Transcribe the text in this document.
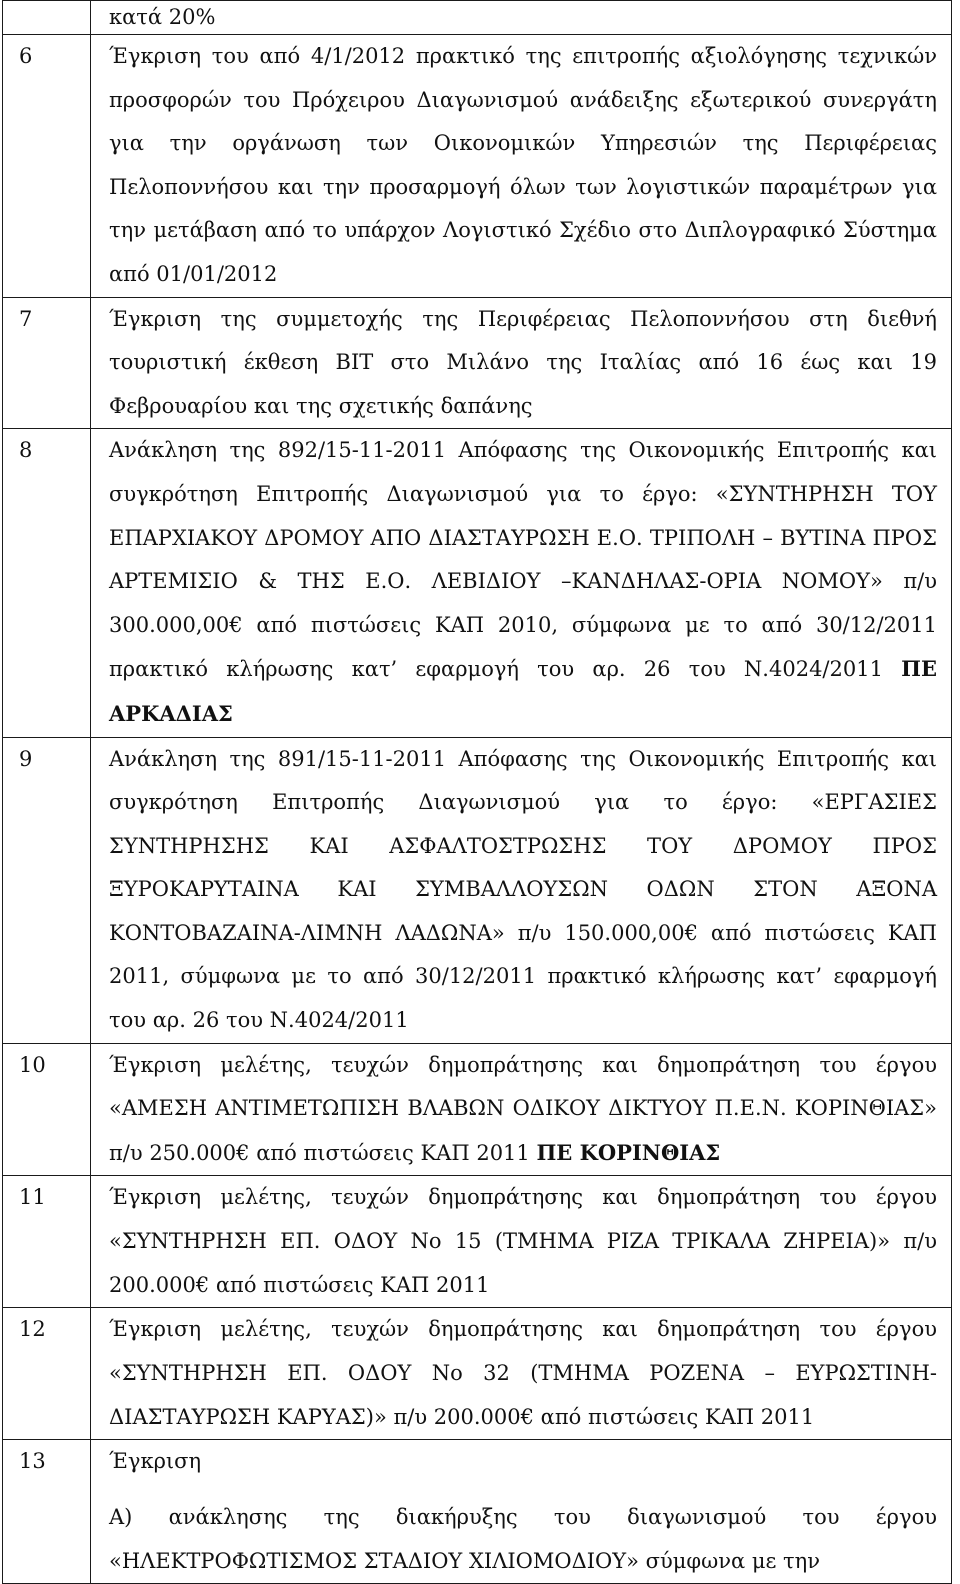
	κατά 20%

6	Έγκριση του από 4/1/2012 πρακτικό της επιτροπής αξιολόγησης τεχνικών προσφορών του Πρόχειρου Διαγωνισμού ανάδειξης εξωτερικού συνεργάτη για την οργάνωση των Οικονομικών Υπηρεσιών της Περιφέρειας Πελοποννήσου και την προσαρμογή όλων των λογιστικών παραμέτρων για την μετάβαση από το υπάρχον Λογιστικό Σχέδιο στο Διπλογραφικό Σύστημα από 01/01/2012

7	Έγκριση της συμμετοχής της Περιφέρειας Πελοποννήσου στη διεθνή τουριστική έκθεση BIT στο Μιλάνο της Ιταλίας από 16 έως και 19 Φεβρουαρίου και της σχετικής δαπάνης

8	Ανάκληση της 892/15-11-2011 Απόφασης της Οικονομικής Επιτροπής και συγκρότηση Επιτροπής Διαγωνισμού για το έργο: «ΣΥΝΤΗΡΗΣΗ ΤΟΥ ΕΠΑΡΧΙΑΚΟΥ ΔΡΟΜΟΥ ΑΠΟ ΔΙΑΣΤΑΥΡΩΣΗ Ε.Ο. ΤΡΙΠΟΛΗ – ΒΥΤΙΝΑ ΠΡΟΣ ΑΡΤΕΜΙΣΙΟ & ΤΗΣ Ε.Ο. ΛΕΒΙΔΙΟΥ –ΚΑΝΔΗΛΑΣ-ΟΡΙΑ ΝΟΜΟΥ» π/υ 300.000,00€ από πιστώσεις ΚΑΠ 2010, σύμφωνα με το από 30/12/2011 πρακτικό κλήρωσης κατ’ εφαρμογή του αρ. 26 του Ν.4024/2011 ΠΕ ΑΡΚΑΔΙΑΣ

9	Ανάκληση της 891/15-11-2011 Απόφασης της Οικονομικής Επιτροπής και συγκρότηση Επιτροπής Διαγωνισμού για το έργο: «ΕΡΓΑΣΙΕΣ ΣΥΝΤΗΡΗΣΗΣ ΚΑΙ ΑΣΦΑΛΤΟΣΤΡΩΣΗΣ ΤΟΥ ΔΡΟΜΟΥ ΠΡΟΣ ΞΥΡΟΚΑΡΥΤΑΙΝΑ ΚΑΙ ΣΥΜΒΑΛΛΟΥΣΩΝ ΟΔΩΝ ΣΤΟΝ ΑΞΟΝΑ ΚΟΝΤΟΒΑΖΑΙΝΑ-ΛΙΜΝΗ ΛΑΔΩΝΑ» π/υ 150.000,00€ από πιστώσεις ΚΑΠ 2011, σύμφωνα με το από 30/12/2011 πρακτικό κλήρωσης κατ’ εφαρμογή του αρ. 26 του Ν.4024/2011

10	Έγκριση μελέτης, τευχών δημοπράτησης και δημοπράτηση του έργου «ΑΜΕΣΗ ΑΝΤΙΜΕΤΩΠΙΣΗ ΒΛΑΒΩΝ ΟΔΙΚΟΥ ΔΙΚΤΥΟΥ Π.Ε.Ν. ΚΟΡΙΝΘΙΑΣ» π/υ 250.000€ από πιστώσεις ΚΑΠ 2011 ΠΕ ΚΟΡΙΝΘΙΑΣ

11	Έγκριση μελέτης, τευχών δημοπράτησης και δημοπράτηση του έργου «ΣΥΝΤΗΡΗΣΗ ΕΠ. ΟΔΟΥ Νο 15 (ΤΜΗΜΑ ΡΙΖΑ ΤΡΙΚΑΛΑ ΖΗΡΕΙΑ)» π/υ 200.000€ από πιστώσεις ΚΑΠ 2011

12	Έγκριση μελέτης, τευχών δημοπράτησης και δημοπράτηση του έργου «ΣΥΝΤΗΡΗΣΗ ΕΠ. ΟΔΟΥ Νο 32 (ΤΜΗΜΑ ΡΟΖΕΝΑ – ΕΥΡΩΣΤΙΝΗ-ΔΙΑΣΤΑΥΡΩΣΗ ΚΑΡΥΑΣ)» π/υ 200.000€ από πιστώσεις ΚΑΠ 2011

13	Έγκριση
Α) ανάκλησης της διακήρυξης του διαγωνισμού του έργου «ΗΛΕΚΤΡΟΦΩΤΙΣΜΟΣ ΣΤΑΔΙΟΥ ΧΙΛΙΟΜΟΔΙΟΥ» σύμφωνα με την
